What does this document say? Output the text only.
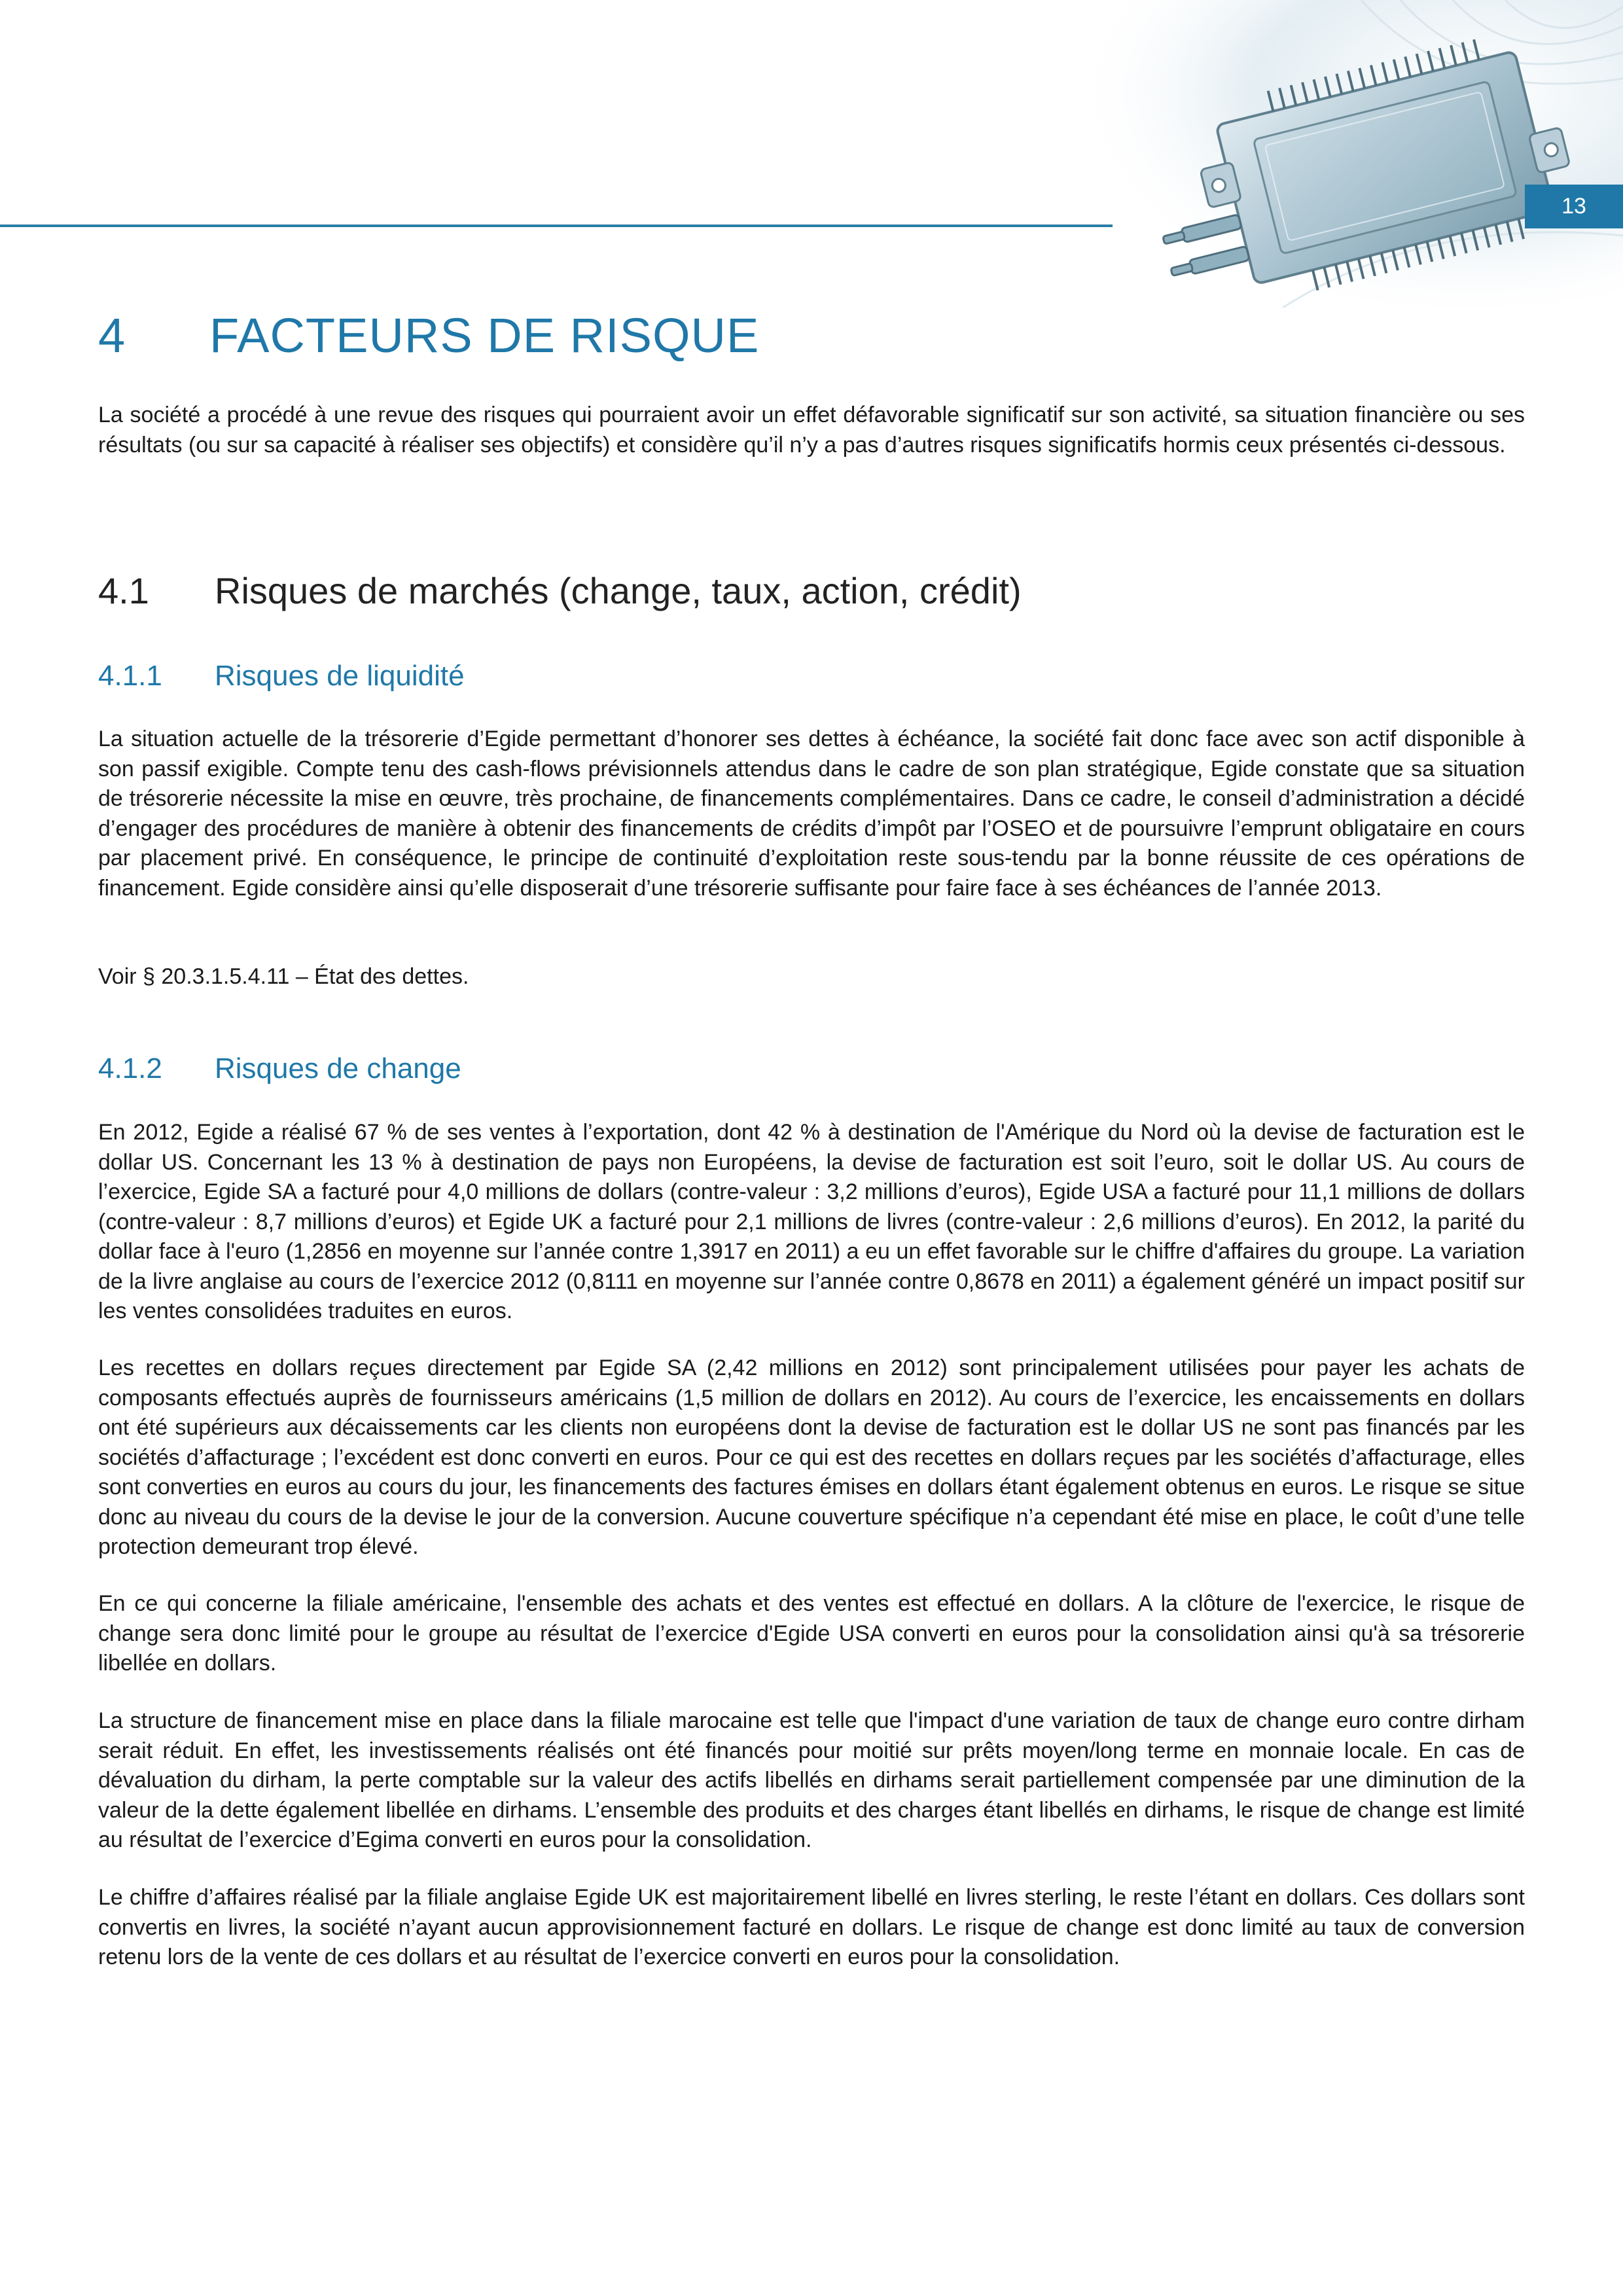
13
4 FACTEURS DE RISQUE

La société a procédé à une revue des risques qui pourraient avoir un effet défavorable significatif sur son activité, sa situation financière ou ses résultats (ou sur sa capacité à réaliser ses objectifs) et considère qu’il n’y a pas d’autres risques significatifs hormis ceux présentés ci-dessous.

4.1 Risques de marchés (change, taux, action, crédit)
4.1.1 Risques de liquidité

La situation actuelle de la trésorerie d’Egide permettant d’honorer ses dettes à échéance, la société fait donc face avec son actif disponible à son passif exigible. Compte tenu des cash-flows prévisionnels attendus dans le cadre de son plan stratégique, Egide constate que sa situation de trésorerie nécessite la mise en œuvre, très prochaine, de financements complémentaires. Dans ce cadre, le conseil d’administration a décidé d’engager des procédures de manière à obtenir des financements de crédits d’impôt par l’OSEO et de poursuivre l’emprunt obligataire en cours par placement privé. En conséquence, le principe de continuité d’exploitation reste sous-tendu par la bonne réussite de ces opérations de financement. Egide considère ainsi qu’elle disposerait d’une trésorerie suffisante pour faire face à ses échéances de l’année 2013.

Voir § 20.3.1.5.4.11 – État des dettes.

4.1.2 Risques de change

En 2012, Egide a réalisé 67 % de ses ventes à l’exportation, dont 42 % à destination de l'Amérique du Nord où la devise de facturation est le dollar US. Concernant les 13 % à destination de pays non Européens, la devise de facturation est soit l’euro, soit le dollar US. Au cours de l’exercice, Egide SA a facturé pour 4,0 millions de dollars (contre-valeur : 3,2 millions d’euros), Egide USA a facturé pour 11,1 millions de dollars (contre-valeur : 8,7 millions d’euros) et Egide UK a facturé pour 2,1 millions de livres (contre-valeur : 2,6 millions d’euros). En 2012, la parité du dollar face à l'euro (1,2856 en moyenne sur l’année contre 1,3917 en 2011) a eu un effet favorable sur le chiffre d'affaires du groupe. La variation de la livre anglaise au cours de l’exercice 2012 (0,8111 en moyenne sur l’année contre 0,8678 en 2011) a également généré un impact positif sur les ventes consolidées traduites en euros.

Les recettes en dollars reçues directement par Egide SA (2,42 millions en 2012) sont principalement utilisées pour payer les achats de composants effectués auprès de fournisseurs américains (1,5 million de dollars en 2012). Au cours de l’exercice, les encaissements en dollars ont été supérieurs aux décaissements car les clients non européens dont la devise de facturation est le dollar US ne sont pas financés par les sociétés d’affacturage ; l’excédent est donc converti en euros. Pour ce qui est des recettes en dollars reçues par les sociétés d’affacturage, elles sont converties en euros au cours du jour, les financements des factures émises en dollars étant également obtenus en euros. Le risque se situe donc au niveau du cours de la devise le jour de la conversion. Aucune couverture spécifique n’a cependant été mise en place, le coût d’une telle protection demeurant trop élevé.

En ce qui concerne la filiale américaine, l'ensemble des achats et des ventes est effectué en dollars. A la clôture de l'exercice, le risque de change sera donc limité pour le groupe au résultat de l’exercice d'Egide USA converti en euros pour la consolidation ainsi qu'à sa trésorerie libellée en dollars.

La structure de financement mise en place dans la filiale marocaine est telle que l'impact d'une variation de taux de change euro contre dirham serait réduit. En effet, les investissements réalisés ont été financés pour moitié sur prêts moyen/long terme en monnaie locale. En cas de dévaluation du dirham, la perte comptable sur la valeur des actifs libellés en dirhams serait partiellement compensée par une diminution de la valeur de la dette également libellée en dirhams. L’ensemble des produits et des charges étant libellés en dirhams, le risque de change est limité au résultat de l’exercice d’Egima converti en euros pour la consolidation.

Le chiffre d’affaires réalisé par la filiale anglaise Egide UK est majoritairement libellé en livres sterling, le reste l’étant en dollars. Ces dollars sont convertis en livres, la société n’ayant aucun approvisionnement facturé en dollars. Le risque de change est donc limité au taux de conversion retenu lors de la vente de ces dollars et au résultat de l’exercice converti en euros pour la consolidation.
